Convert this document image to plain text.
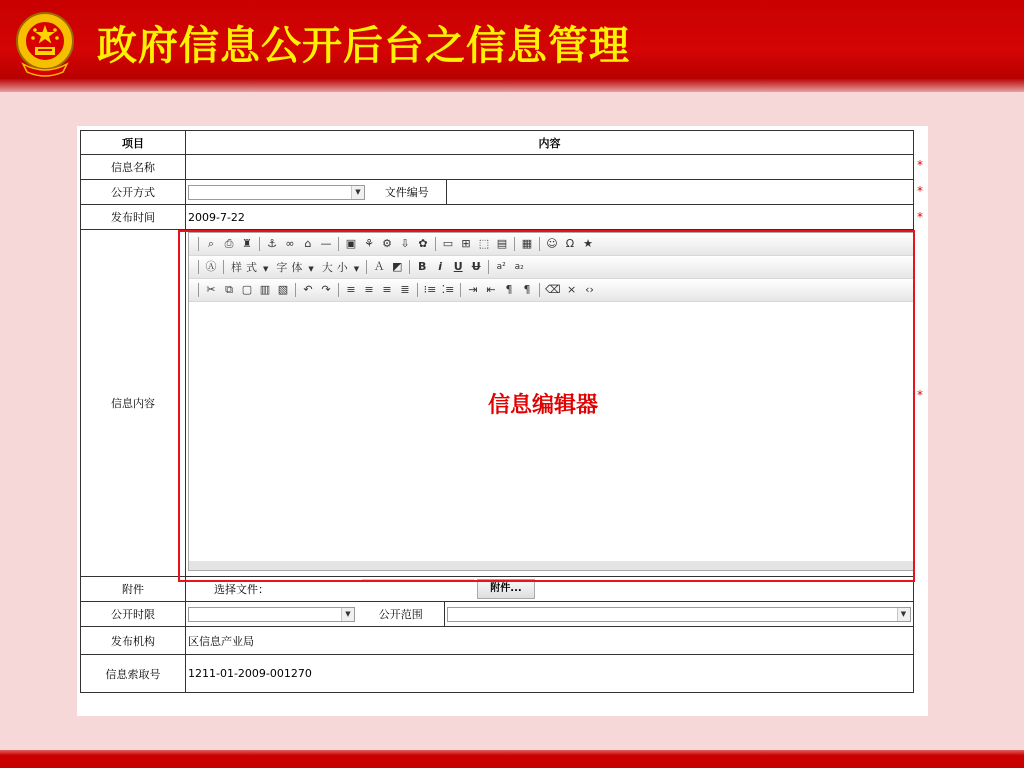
政府信息公开后台之信息管理
项目	内容
信息名称	
公开方式		▼	文件编号	

发布时间	2009-7-22
信息内容	
⌕ ⎙ ♜	⚓ ∞ ⌂ —	▣ ⚘ ⚙ ⇩ ✿	▭ ⊞ ⬚ ▤	▦	☺ Ω ★
Ⓐ	样式 ▼ 字体 ▼ 大小 ▼	Ａ ◩	B	i	U U	a² a₂
✂ ⧉ ▢ ▥ ▧	↶ ↷	≡ ≡ ≡ ≣	⁝≡ ⁚≡	⇥ ⇤ ¶	¶	⌫ × ‹›

附件	选择文件：	附件...
公开时限		▼	公开范围	▼

发布机构	区信息产业局
信息索取号	1211-01-2009-001270
*
*
*
*
信息编辑器
